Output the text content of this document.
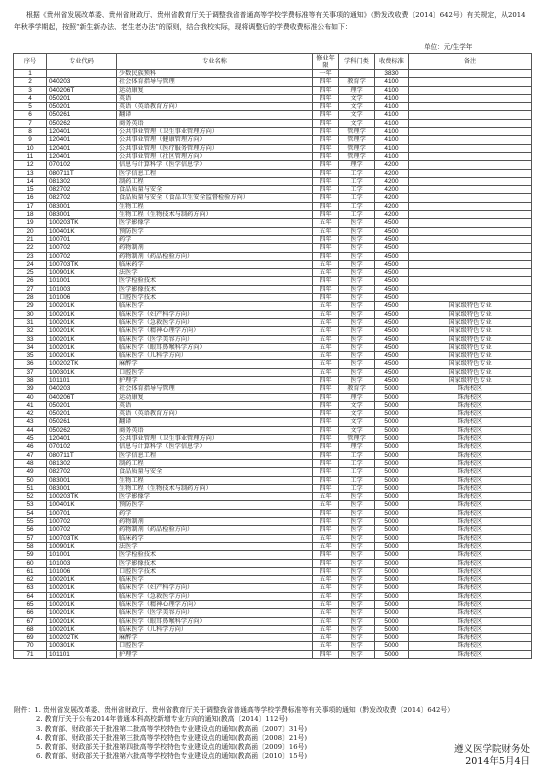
根据《贵州省发展改革委、贵州省财政厅、贵州省教育厅关于调整我省普通高等学校学费标准等有关事项的通知》（黔发改收费〔2014〕642号）有关规定，从2014年秋季学期起，按照“新生新办法、老生老办法”的原则，结合我校实际，现将调整后的学费收费标准公布如下：

单位：元/生学年
序号	专业代码	专业名称	修业年限	学科门类	收费标准	备注
1		少数民族预科	一年		3830	
2	040203	社会体育指导与管理	四年	教育学	4100	
3	040206T	运动康复	四年	理学	4100	
4	050201	英语	四年	文学	4100	
5	050201	英语（英语教育方向）	四年	文学	4100	
6	050261	翻译	四年	文学	4100	
7	050262	商务英语	四年	文学	4100	
8	120401	公共事业管理（卫生事业管理方向）	四年	管理学	4100	
9	120401	公共事业管理（健康管理方向）	四年	管理学	4100	
10	120401	公共事业管理（医疗服务管理方向）	四年	管理学	4100	
11	120401	公共事业管理（社区管理方向）	四年	管理学	4100	
12	070102	信息与计算科学（医学信息学）	四年	理学	4200	
13	080711T	医学信息工程	四年	工学	4200	
14	081302	制药工程	四年	工学	4200	
15	082702	食品质量与安全	四年	工学	4200	
16	082702	食品质量与安全（食品卫生安全监督检验方向）	四年	工学	4200	
17	083001	生物工程	四年	工学	4200	
18	083001	生物工程（生物技术与制药方向）	四年	工学	4200	
19	100203TK	医学影像学	五年	医学	4500	
20	100401K	预防医学	五年	医学	4500	
21	100701	药学	四年	医学	4500	
22	100702	药物制剂	四年	医学	4500	
23	100702	药物制剂（药品检验方向）	四年	医学	4500	
24	100703TK	临床药学	五年	医学	4500	
25	100901K	法医学	五年	医学	4500	
26	101001	医学检验技术	四年	医学	4500	
27	101003	医学影像技术	四年	医学	4500	
28	101006	口腔医学技术	四年	医学	4500	
29	100201K	临床医学	五年	医学	4500	国家级特色专业
30	100201K	临床医学（妇产科学方向）	五年	医学	4500	国家级特色专业
31	100201K	临床医学（急救医学方向）	五年	医学	4500	国家级特色专业
32	100201K	临床医学（精神心理学方向）	五年	医学	4500	国家级特色专业
33	100201K	临床医学（医学美容方向）	五年	医学	4500	国家级特色专业
34	100201K	临床医学（眼耳鼻喉科学方向）	五年	医学	4500	国家级特色专业
35	100201K	临床医学（儿科学方向）	五年	医学	4500	国家级特色专业
36	100202TK	麻醉学	五年	医学	4500	国家级特色专业
37	100301K	口腔医学	五年	医学	4500	国家级特色专业
38	101101	护理学	四年	医学	4500	国家级特色专业
39	040203	社会体育指导与管理	四年	教育学	5000	珠海校区
40	040206T	运动康复	四年	理学	5000	珠海校区
41	050201	英语	四年	文学	5000	珠海校区
42	050201	英语（英语教育方向）	四年	文学	5000	珠海校区
43	050261	翻译	四年	文学	5000	珠海校区
44	050262	商务英语	四年	文学	5000	珠海校区
45	120401	公共事业管理（卫生事业管理方向）	四年	管理学	5000	珠海校区
46	070102	信息与计算科学（医学信息学）	四年	理学	5000	珠海校区
47	080711T	医学信息工程	四年	工学	5000	珠海校区
48	081302	制药工程	四年	工学	5000	珠海校区
49	082702	食品质量与安全	四年	工学	5000	珠海校区
50	083001	生物工程	四年	工学	5000	珠海校区
51	083001	生物工程（生物技术与制药方向）	四年	工学	5000	珠海校区
52	100203TK	医学影像学	五年	医学	5000	珠海校区
53	100401K	预防医学	五年	医学	5000	珠海校区
54	100701	药学	四年	医学	5000	珠海校区
55	100702	药物制剂	四年	医学	5000	珠海校区
56	100702	药物制剂（药品检验方向）	四年	医学	5000	珠海校区
57	100703TK	临床药学	五年	医学	5000	珠海校区
58	100901K	法医学	五年	医学	5000	珠海校区
59	101001	医学检验技术	四年	医学	5000	珠海校区
60	101003	医学影像技术	四年	医学	5000	珠海校区
61	101006	口腔医学技术	四年	医学	5000	珠海校区
62	100201K	临床医学	五年	医学	5000	珠海校区
63	100201K	临床医学（妇产科学方向）	五年	医学	5000	珠海校区
64	100201K	临床医学（急救医学方向）	五年	医学	5000	珠海校区
65	100201K	临床医学（精神心理学方向）	五年	医学	5000	珠海校区
66	100201K	临床医学（医学美容方向）	五年	医学	5000	珠海校区
67	100201K	临床医学（眼耳鼻喉科学方向）	五年	医学	5000	珠海校区
68	100201K	临床医学（儿科学方向）	五年	医学	5000	珠海校区
69	100202TK	麻醉学	五年	医学	5000	珠海校区
70	100301K	口腔医学	五年	医学	5000	珠海校区
71	101101	护理学	四年	医学	5000	珠海校区

附件：1. 贵州省发展改革委、贵州省财政厅、贵州省教育厅关于调整我省普通高等学校学费标准等有关事项的通知（黔发改收费〔2014〕642号）

2. 教育厅关于公布2014年普通本科高校新增专业方向的通知(教高〔2014〕112号)

3. 教育部、财政部关于批准第二批高等学校特色专业建设点的通知(教高函〔2007〕31号)

4. 教育部、财政部关于批准第三批高等学校特色专业建设点的通知(教高函〔2008〕21号)

5. 教育部、财政部关于批准第四批高等学校特色专业建设点的通知(教高函〔2009〕16号)

6. 教育部、财政部关于批准第六批高等学校特色专业建设点的通知(教高函〔2010〕15号)

遵义医学院财务处
2014年5月4日
